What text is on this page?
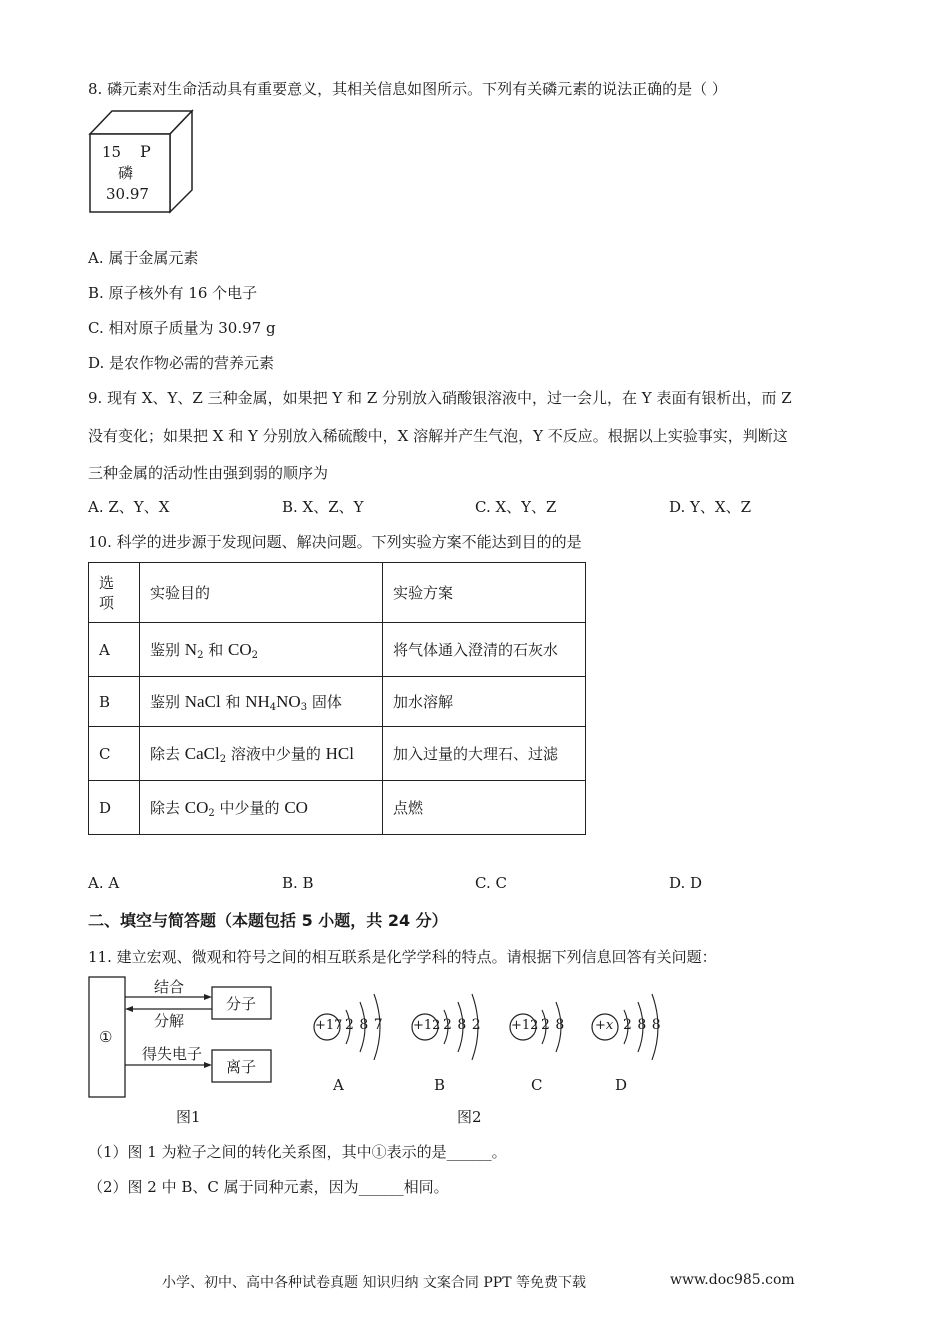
8. 磷元素对生命活动具有重要意义，其相关信息如图所示。下列有关磷元素的说法正确的是（ ）
15 P
磷
30.97
A. 属于金属元素
B. 原子核外有 16 个电子
C. 相对原子质量为 30.97 g
D. 是农作物必需的营养元素
9. 现有 X、Y、Z 三种金属，如果把 Y 和 Z 分别放入硝酸银溶液中，过一会儿，在 Y 表面有银析出，而 Z
没有变化；如果把 X 和 Y 分别放入稀硫酸中，X 溶解并产生气泡，Y 不反应。根据以上实验事实，判断这
三种金属的活动性由强到弱的顺序为
A. Z、Y、X	B. X、Z、Y	C. X、Y、Z	D. Y、X、Z
10. 科学的进步源于发现问题、解决问题。下列实验方案不能达到目的的是
选
项	实验目的	实验方案
A	鉴别 $N_2$ 和 $CO_2$	将气体通入澄清的石灰水
B	鉴别 NaCl 和 $NH_4NO_3$ 固体	加水溶解
C	除去 CaCl$_2$ 溶液中少量的 HCl	加入过量的大理石、过滤
D	除去 $CO_2$ 中少量的 CO	点燃
A. A	B. B	C. C	D. D
二、填空与简答题（本题包括 5 小题，共 24 分）
11. 建立宏观、微观和符号之间的相互联系是化学学科的特点。请根据下列信息回答有关问题：
①
结合
分解
得失电子
分子
离子
图1
+17 2 8 7
A
+12 2 8 2
B
+12 2 8
C
+x 2 8 8
D
图2
（1）图 1 为粒子之间的转化关系图，其中①表示的是______。
（2）图 2 中 B、C 属于同种元素，因为______相同。
小学、初中、高中各种试卷真题 知识归纳 文案合同 PPT 等免费下载	www.doc985.com
